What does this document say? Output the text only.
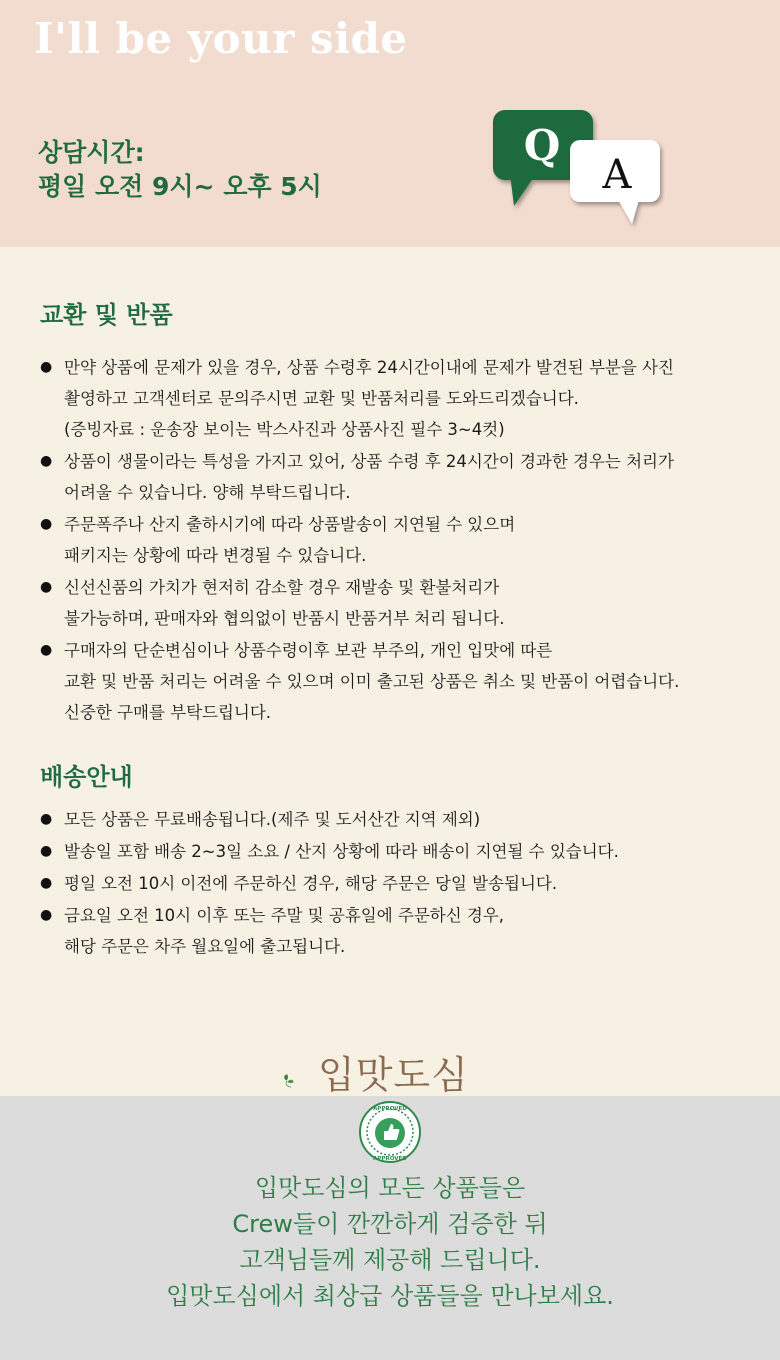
I'll be your side
상담시간:
평일 오전 9시~ 오후 5시
Q
A
교환 및 반품
● 만약 상품에 문제가 있을 경우, 상품 수령후 24시간이내에 문제가 발견된 부분을 사진
촬영하고 고객센터로 문의주시면 교환 및 반품처리를 도와드리겠습니다.
(증빙자료 : 운송장 보이는 박스사진과 상품사진 필수 3~4컷)
● 상품이 생물이라는 특성을 가지고 있어, 상품 수령 후 24시간이 경과한 경우는 처리가
어려울 수 있습니다. 양해 부탁드립니다.
● 주문폭주나 산지 출하시기에 따라 상품발송이 지연될 수 있으며
패키지는 상황에 따라 변경될 수 있습니다.
● 신선신품의 가치가 현저히 감소할 경우 재발송 및 환불처리가
불가능하며, 판매자와 협의없이 반품시 반품거부 처리 됩니다.
● 구매자의 단순변심이나 상품수령이후 보관 부주의, 개인 입맛에 따른
교환 및 반품 처리는 어려울 수 있으며 이미 출고된 상품은 취소 및 반품이 어렵습니다.
신중한 구매를 부탁드립니다.
배송안내
● 모든 상품은 무료배송됩니다.(제주 및 도서산간 지역 제외)
● 발송일 포함 배송 2~3일 소요 / 산지 상황에 따라 배송이 지연될 수 있습니다.
● 평일 오전 10시 이전에 주문하신 경우, 해당 주문은 당일 발송됩니다.
● 금요일 오전 10시 이후 또는 주말 및 공휴일에 주문하신 경우,
해당 주문은 차주 월요일에 출고됩니다.
입맛도심
APPROVED
APPROVED
입맛도심의 모든 상품들은
Crew들이 깐깐하게 검증한 뒤
고객님들께 제공해 드립니다.
입맛도심에서 최상급 상품들을 만나보세요.
